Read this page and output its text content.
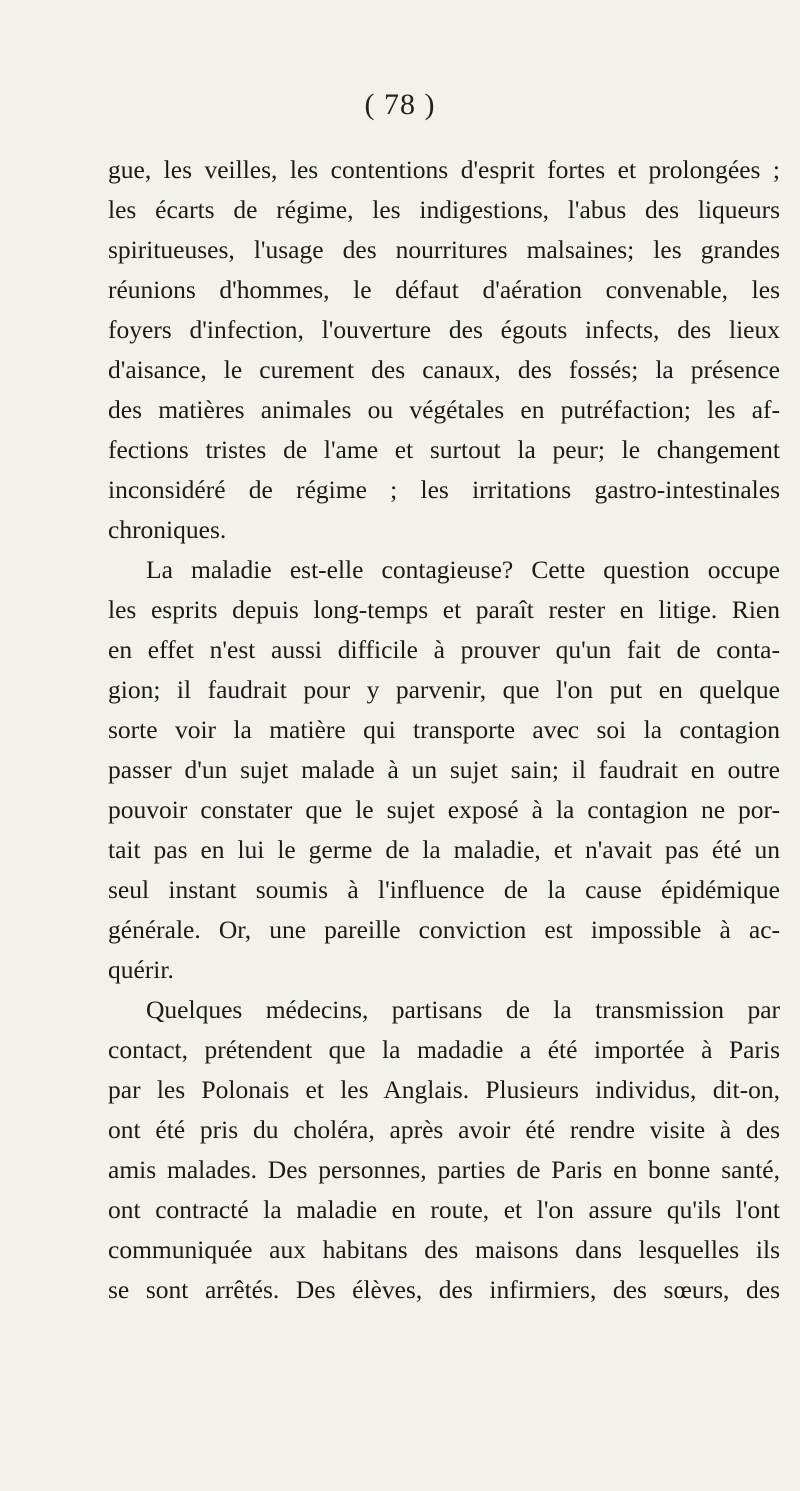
( 78 )
gue, les veilles, les contentions d'esprit fortes et prolongées ;
les écarts de régime, les indigestions, l'abus des liqueurs
spiritueuses, l'usage des nourritures malsaines; les grandes
réunions d'hommes, le défaut d'aération convenable, les
foyers d'infection, l'ouverture des égouts infects, des lieux
d'aisance, le curement des canaux, des fossés; la présence
des matières animales ou végétales en putréfaction; les af-
fections tristes de l'ame et surtout la peur; le changement
inconsidéré de régime ; les irritations gastro-intestinales
chroniques.
La maladie est-elle contagieuse? Cette question occupe
les esprits depuis long-temps et paraît rester en litige. Rien
en effet n'est aussi difficile à prouver qu'un fait de conta-
gion; il faudrait pour y parvenir, que l'on put en quelque
sorte voir la matière qui transporte avec soi la contagion
passer d'un sujet malade à un sujet sain; il faudrait en outre
pouvoir constater que le sujet exposé à la contagion ne por-
tait pas en lui le germe de la maladie, et n'avait pas été un
seul instant soumis à l'influence de la cause épidémique
générale. Or, une pareille conviction est impossible à ac-
quérir.
Quelques médecins, partisans de la transmission par
contact, prétendent que la madadie a été importée à Paris
par les Polonais et les Anglais. Plusieurs individus, dit-on,
ont été pris du choléra, après avoir été rendre visite à des
amis malades. Des personnes, parties de Paris en bonne santé,
ont contracté la maladie en route, et l'on assure qu'ils l'ont
communiquée aux habitans des maisons dans lesquelles ils
se sont arrêtés. Des élèves, des infirmiers, des sœurs, des
